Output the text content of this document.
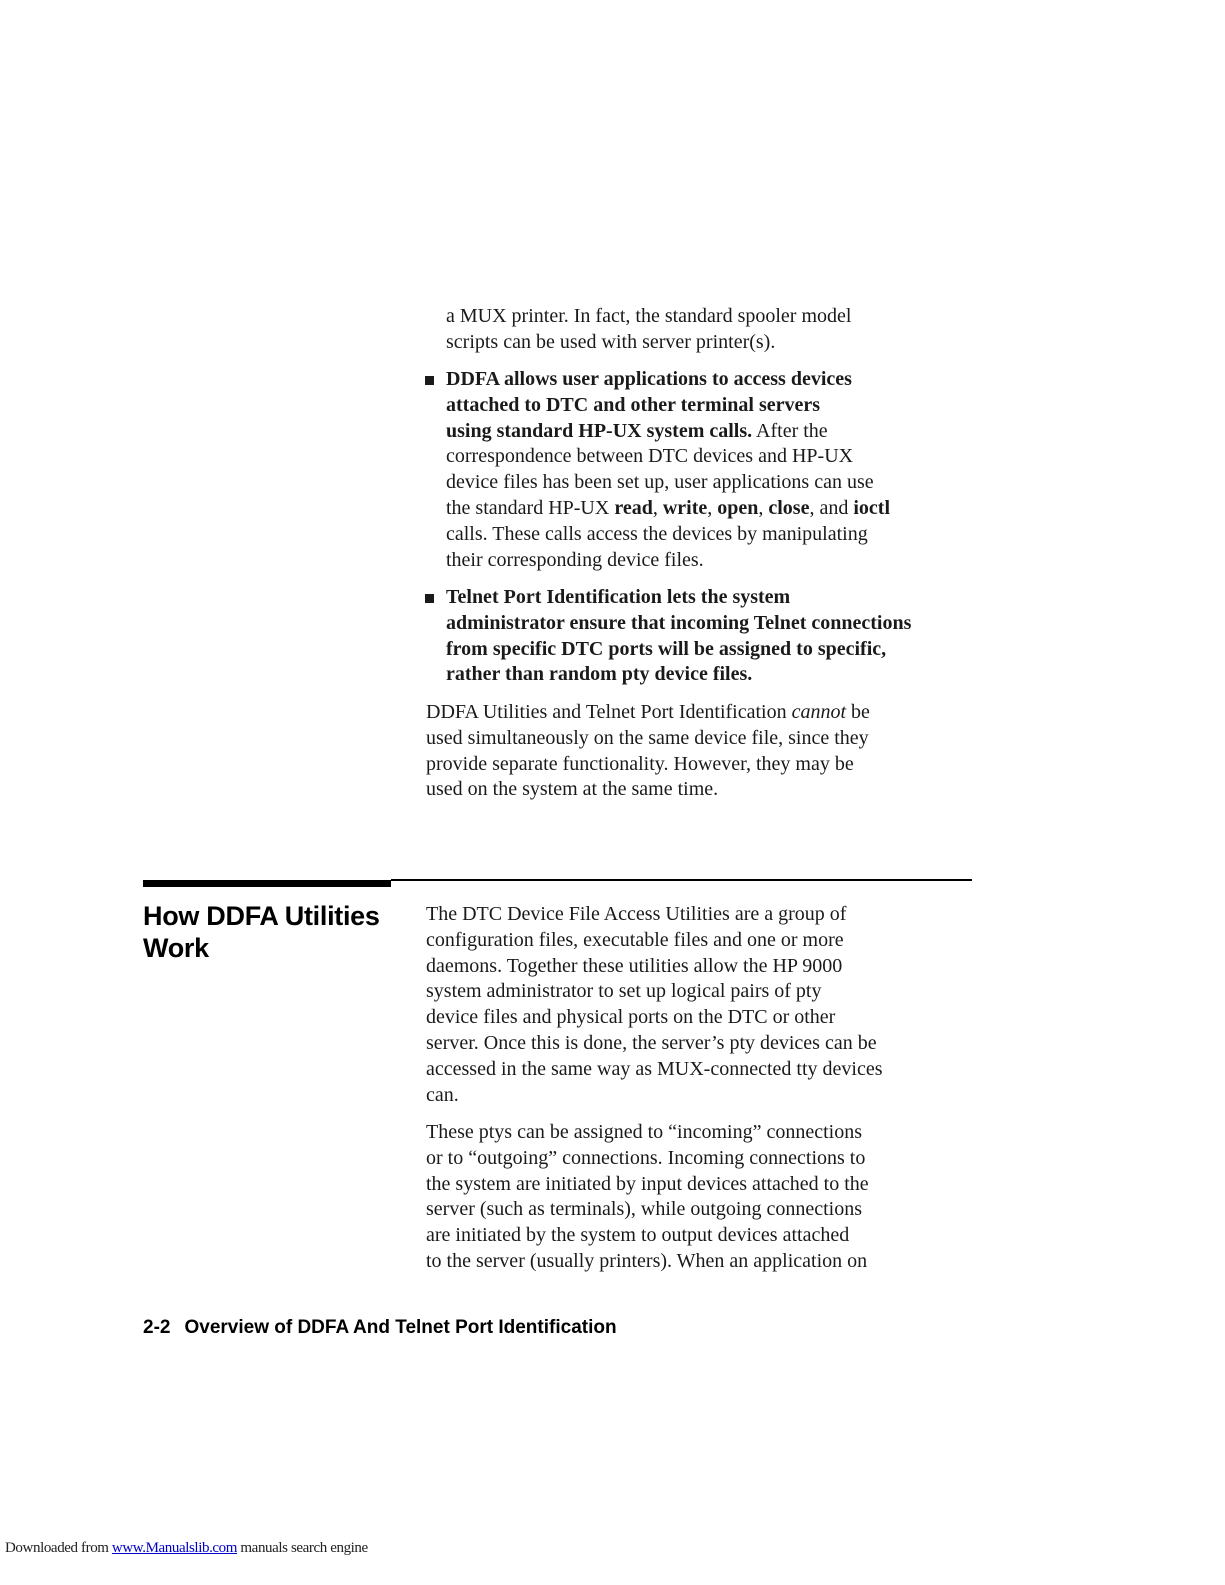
a MUX printer. In fact, the standard spooler model
scripts can be used with server printer(s).
DDFA allows user applications to access devices
attached to DTC and other terminal servers
using standard HP-UX system calls. After the
correspondence between DTC devices and HP-UX
device files has been set up, user applications can use
the standard HP-UX read, write, open, close, and ioctl
calls. These calls access the devices by manipulating
their corresponding device files.
Telnet Port Identification lets the system
administrator ensure that incoming Telnet connections
from specific DTC ports will be assigned to specific,
rather than random pty device files.
DDFA Utilities and Telnet Port Identification cannot be
used simultaneously on the same device file, since they
provide separate functionality. However, they may be
used on the system at the same time.
How DDFA Utilities
Work
The DTC Device File Access Utilities are a group of
configuration files, executable files and one or more
daemons. Together these utilities allow the HP 9000
system administrator to set up logical pairs of pty
device files and physical ports on the DTC or other
server. Once this is done, the server’s pty devices can be
accessed in the same way as MUX-connected tty devices
can.
These ptys can be assigned to “incoming” connections
or to “outgoing” connections. Incoming connections to
the system are initiated by input devices attached to the
server (such as terminals), while outgoing connections
are initiated by the system to output devices attached
to the server (usually printers). When an application on
2-2 Overview of DDFA And Telnet Port Identification
Downloaded from www.Manualslib.com manuals search engine
